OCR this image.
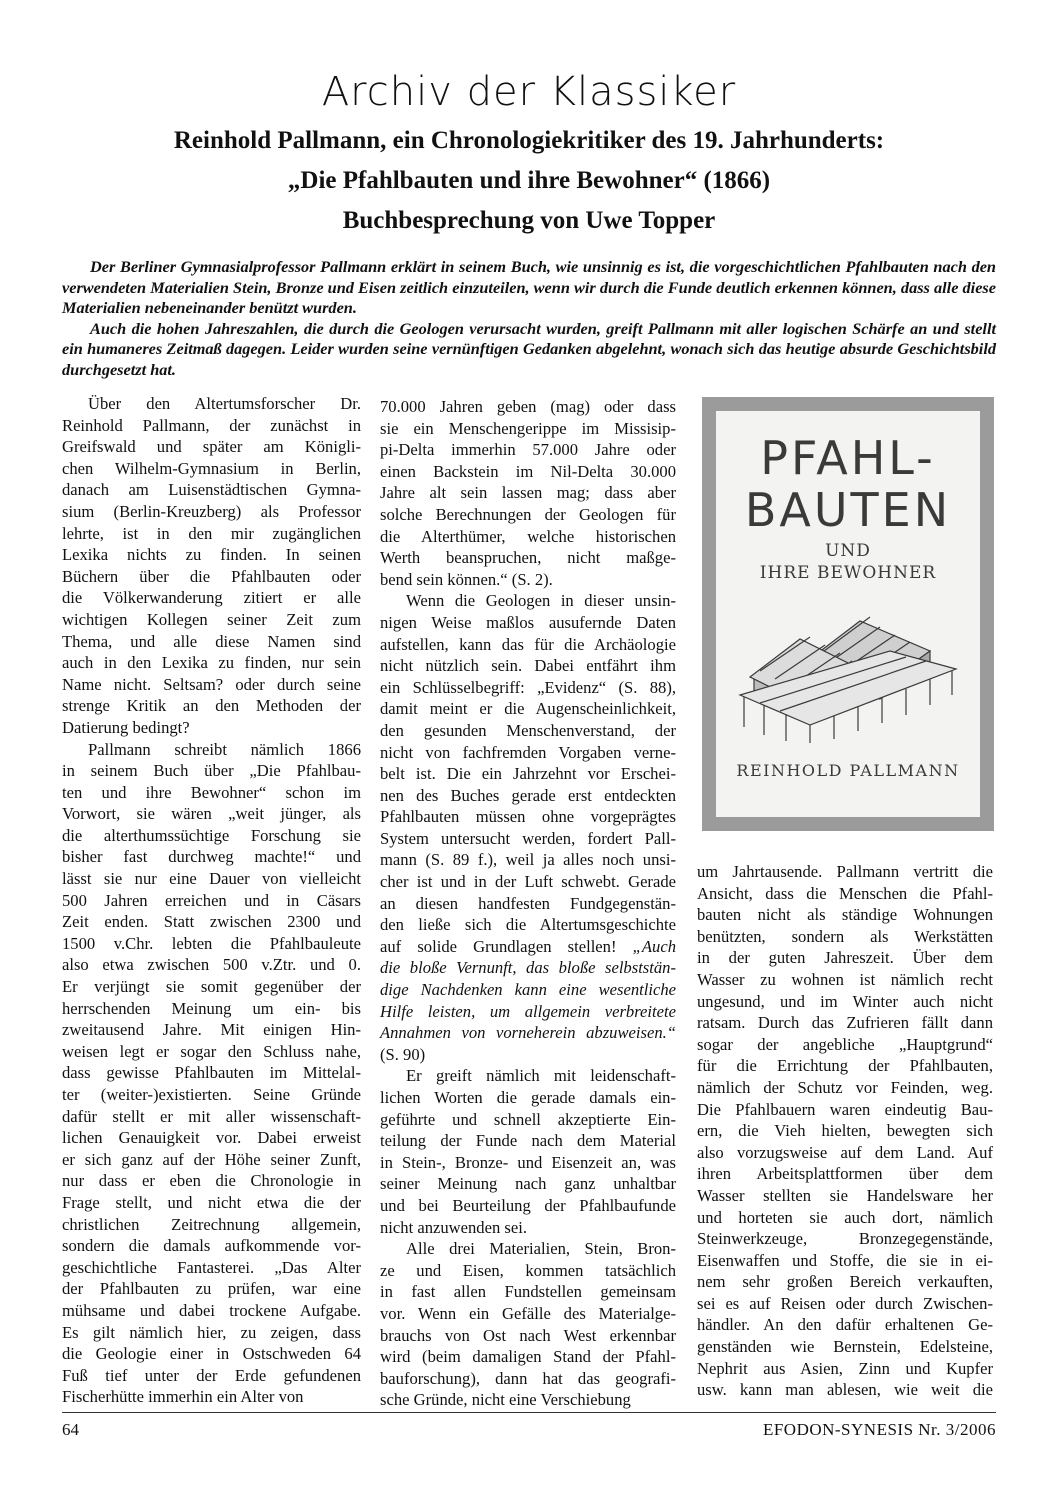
Archiv der Klassiker
Reinhold Pallmann, ein Chronologiekritiker des 19. Jahrhunderts:
„Die Pfahlbauten und ihre Bewohner“ (1866)
Buchbesprechung von Uwe Topper

Der Berliner Gymnasialprofessor Pallmann erklärt in seinem Buch, wie unsinnig es ist, die vorgeschichtlichen Pfahlbauten nach den verwendeten Materialien Stein, Bronze und Eisen zeitlich einzuteilen, wenn wir durch die Funde deutlich erkennen können, dass alle diese Materialien nebeneinander benützt wurden.

Auch die hohen Jahreszahlen, die durch die Geologen verursacht wurden, greift Pallmann mit aller logischen Schärfe an und stellt ein humaneres Zeitmaß dagegen. Leider wurden seine vernünftigen Gedanken abgelehnt, wonach sich das heutige absurde Geschichtsbild durchgesetzt hat.

Über den Altertumsforscher Dr.
Reinhold Pallmann, der zunächst in
Greifswald und später am Königli-
chen Wilhelm-Gymnasium in Berlin,
danach am Luisenstädtischen Gymna-
sium (Berlin-Kreuzberg) als Professor
lehrte, ist in den mir zugänglichen
Lexika nichts zu finden. In seinen
Büchern über die Pfahlbauten oder
die Völkerwanderung zitiert er alle
wichtigen Kollegen seiner Zeit zum
Thema, und alle diese Namen sind
auch in den Lexika zu finden, nur sein
Name nicht. Seltsam? oder durch seine
strenge Kritik an den Methoden der
Datierung bedingt?
Pallmann schreibt nämlich 1866
in seinem Buch über „Die Pfahlbau-
ten und ihre Bewohner“ schon im
Vorwort, sie wären „weit jünger, als
die alterthumssüchtige Forschung sie
bisher fast durchweg machte!“ und
lässt sie nur eine Dauer von vielleicht
500 Jahren erreichen und in Cäsars
Zeit enden. Statt zwischen 2300 und
1500 v.Chr. lebten die Pfahlbauleute
also etwa zwischen 500 v.Ztr. und 0.
Er verjüngt sie somit gegenüber der
herrschenden Meinung um ein- bis
zweitausend Jahre. Mit einigen Hin-
weisen legt er sogar den Schluss nahe,
dass gewisse Pfahlbauten im Mittelal-
ter (weiter-)existierten. Seine Gründe
dafür stellt er mit aller wissenschaft-
lichen Genauigkeit vor. Dabei erweist
er sich ganz auf der Höhe seiner Zunft,
nur dass er eben die Chronologie in
Frage stellt, und nicht etwa die der
christlichen Zeitrechnung allgemein,
sondern die damals aufkommende vor-
geschichtliche Fantasterei. „Das Alter
der Pfahlbauten zu prüfen, war eine
mühsame und dabei trockene Aufgabe.
Es gilt nämlich hier, zu zeigen, dass
die Geologie einer in Ostschweden 64
Fuß tief unter der Erde gefundenen
Fischerhütte immerhin ein Alter von
70.000 Jahren geben (mag) oder dass
sie ein Menschengerippe im Missisip-
pi-Delta immerhin 57.000 Jahre oder
einen Backstein im Nil-Delta 30.000
Jahre alt sein lassen mag; dass aber
solche Berechnungen der Geologen für
die Alterthümer, welche historischen
Werth beanspruchen, nicht maßge-
bend sein können.“ (S. 2).
Wenn die Geologen in dieser unsin-
nigen Weise maßlos ausufernde Daten
aufstellen, kann das für die Archäologie
nicht nützlich sein. Dabei entfährt ihm
ein Schlüsselbegriff: „Evidenz“ (S. 88),
damit meint er die Augenscheinlichkeit,
den gesunden Menschenverstand, der
nicht von fachfremden Vorgaben verne-
belt ist. Die ein Jahrzehnt vor Erschei-
nen des Buches gerade erst entdeckten
Pfahlbauten müssen ohne vorgeprägtes
System untersucht werden, fordert Pall-
mann (S. 89 f.), weil ja alles noch unsi-
cher ist und in der Luft schwebt. Gerade
an diesen handfesten Fundgegenstän-
den ließe sich die Altertumsgeschichte
auf solide Grundlagen stellen! „Auch
die bloße Vernunft, das bloße selbststän-
dige Nachdenken kann eine wesentliche
Hilfe leisten, um allgemein verbreitete
Annahmen von vorneherein abzuweisen.“
(S. 90)
Er greift nämlich mit leidenschaft-
lichen Worten die gerade damals ein-
geführte und schnell akzeptierte Ein-
teilung der Funde nach dem Material
in Stein-, Bronze- und Eisenzeit an, was
seiner Meinung nach ganz unhaltbar
und bei Beurteilung der Pfahlbaufunde
nicht anzuwenden sei.
Alle drei Materialien, Stein, Bron-
ze und Eisen, kommen tatsächlich
in fast allen Fundstellen gemeinsam
vor. Wenn ein Gefälle des Materialge-
brauchs von Ost nach West erkennbar
wird (beim damaligen Stand der Pfahl-
bauforschung), dann hat das geografi-
sche Gründe, nicht eine Verschiebung
um Jahrtausende. Pallmann vertritt die
Ansicht, dass die Menschen die Pfahl-
bauten nicht als ständige Wohnungen
benützten, sondern als Werkstätten
in der guten Jahreszeit. Über dem
Wasser zu wohnen ist nämlich recht
ungesund, und im Winter auch nicht
ratsam. Durch das Zufrieren fällt dann
sogar der angebliche „Hauptgrund“
für die Errichtung der Pfahlbauten,
nämlich der Schutz vor Feinden, weg.
Die Pfahlbauern waren eindeutig Bau-
ern, die Vieh hielten, bewegten sich
also vorzugsweise auf dem Land. Auf
ihren Arbeitsplattformen über dem
Wasser stellten sie Handelsware her
und horteten sie auch dort, nämlich
Steinwerkzeuge, Bronzegegenstände,
Eisenwaffen und Stoffe, die sie in ei-
nem sehr großen Bereich verkauften,
sei es auf Reisen oder durch Zwischen-
händler. An den dafür erhaltenen Ge-
genständen wie Bernstein, Edelsteine,
Nephrit aus Asien, Zinn und Kupfer
usw. kann man ablesen, wie weit die
PFAHL-
BAUTEN
UND
IHRE BEWOHNER
REINHOLD PALLMANN
64	EFODON-SYNESIS Nr. 3/2006
